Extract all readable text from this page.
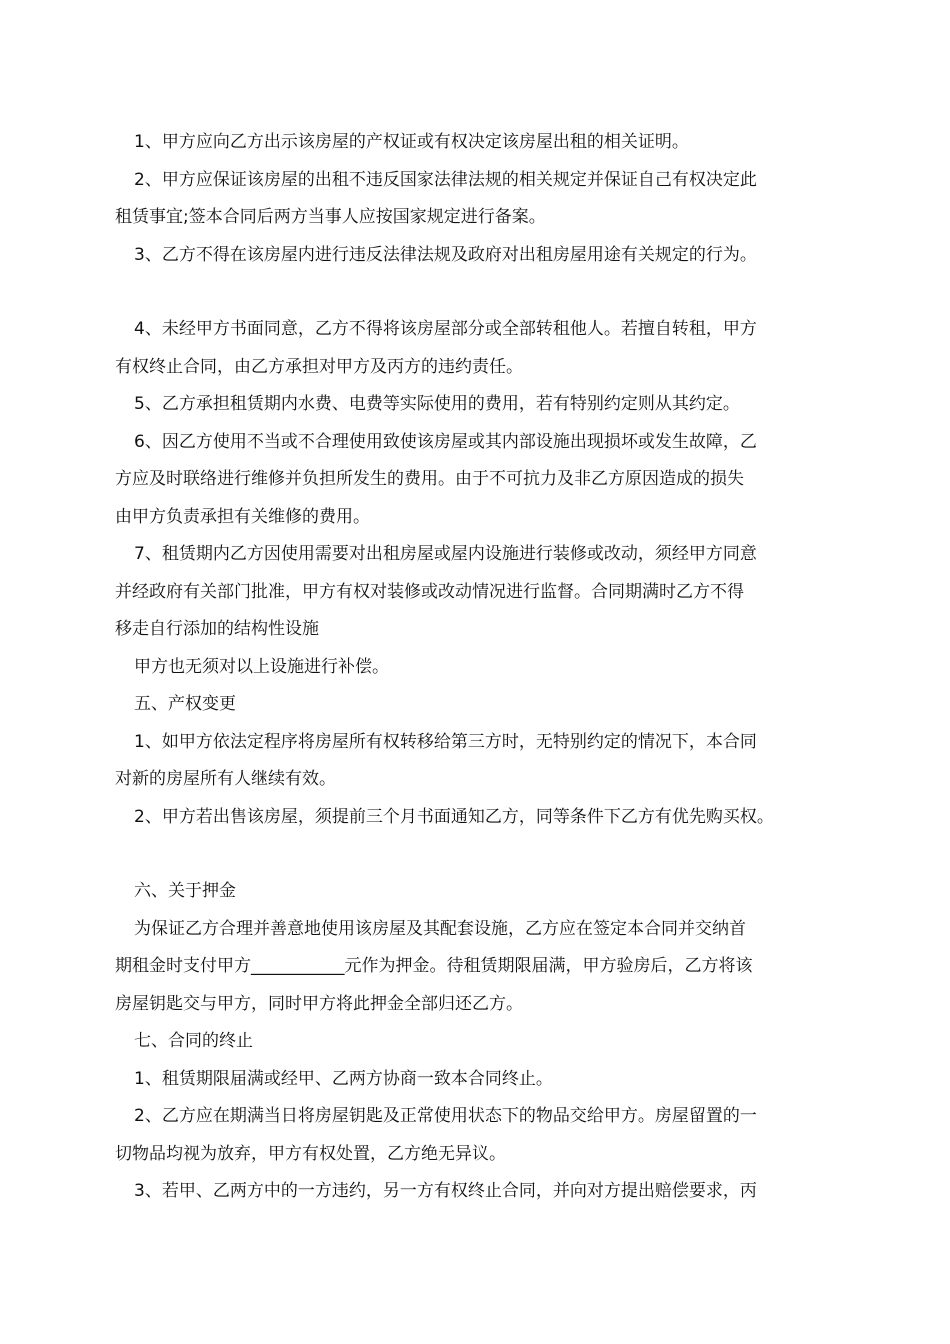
1、甲方应向乙方出示该房屋的产权证或有权决定该房屋出租的相关证明。

2、甲方应保证该房屋的出租不违反国家法律法规的相关规定并保证自己有权决定此

租赁事宜;签本合同后两方当事人应按国家规定进行备案。

3、乙方不得在该房屋内进行违反法律法规及政府对出租房屋用途有关规定的行为。

4、未经甲方书面同意，乙方不得将该房屋部分或全部转租他人。若擅自转租，甲方

有权终止合同，由乙方承担对甲方及丙方的违约责任。

5、乙方承担租赁期内水费、电费等实际使用的费用，若有特别约定则从其约定。

6、因乙方使用不当或不合理使用致使该房屋或其内部设施出现损坏或发生故障，乙

方应及时联络进行维修并负担所发生的费用。由于不可抗力及非乙方原因造成的损失

由甲方负责承担有关维修的费用。

7、租赁期内乙方因使用需要对出租房屋或屋内设施进行装修或改动，须经甲方同意

并经政府有关部门批准，甲方有权对装修或改动情况进行监督。合同期满时乙方不得

移走自行添加的结构性设施

甲方也无须对以上设施进行补偿。

五、产权变更

1、如甲方依法定程序将房屋所有权转移给第三方时，无特别约定的情况下，本合同

对新的房屋所有人继续有效。

2、甲方若出售该房屋，须提前三个月书面通知乙方，同等条件下乙方有优先购买权。

六、关于押金

为保证乙方合理并善意地使用该房屋及其配套设施，乙方应在签定本合同并交纳首

期租金时支付甲方___________元作为押金。待租赁期限届满，甲方验房后，乙方将该

房屋钥匙交与甲方，同时甲方将此押金全部归还乙方。

七、合同的终止

1、租赁期限届满或经甲、乙两方协商一致本合同终止。

2、乙方应在期满当日将房屋钥匙及正常使用状态下的物品交给甲方。房屋留置的一

切物品均视为放弃，甲方有权处置，乙方绝无异议。

3、若甲、乙两方中的一方违约，另一方有权终止合同，并向对方提出赔偿要求，丙
